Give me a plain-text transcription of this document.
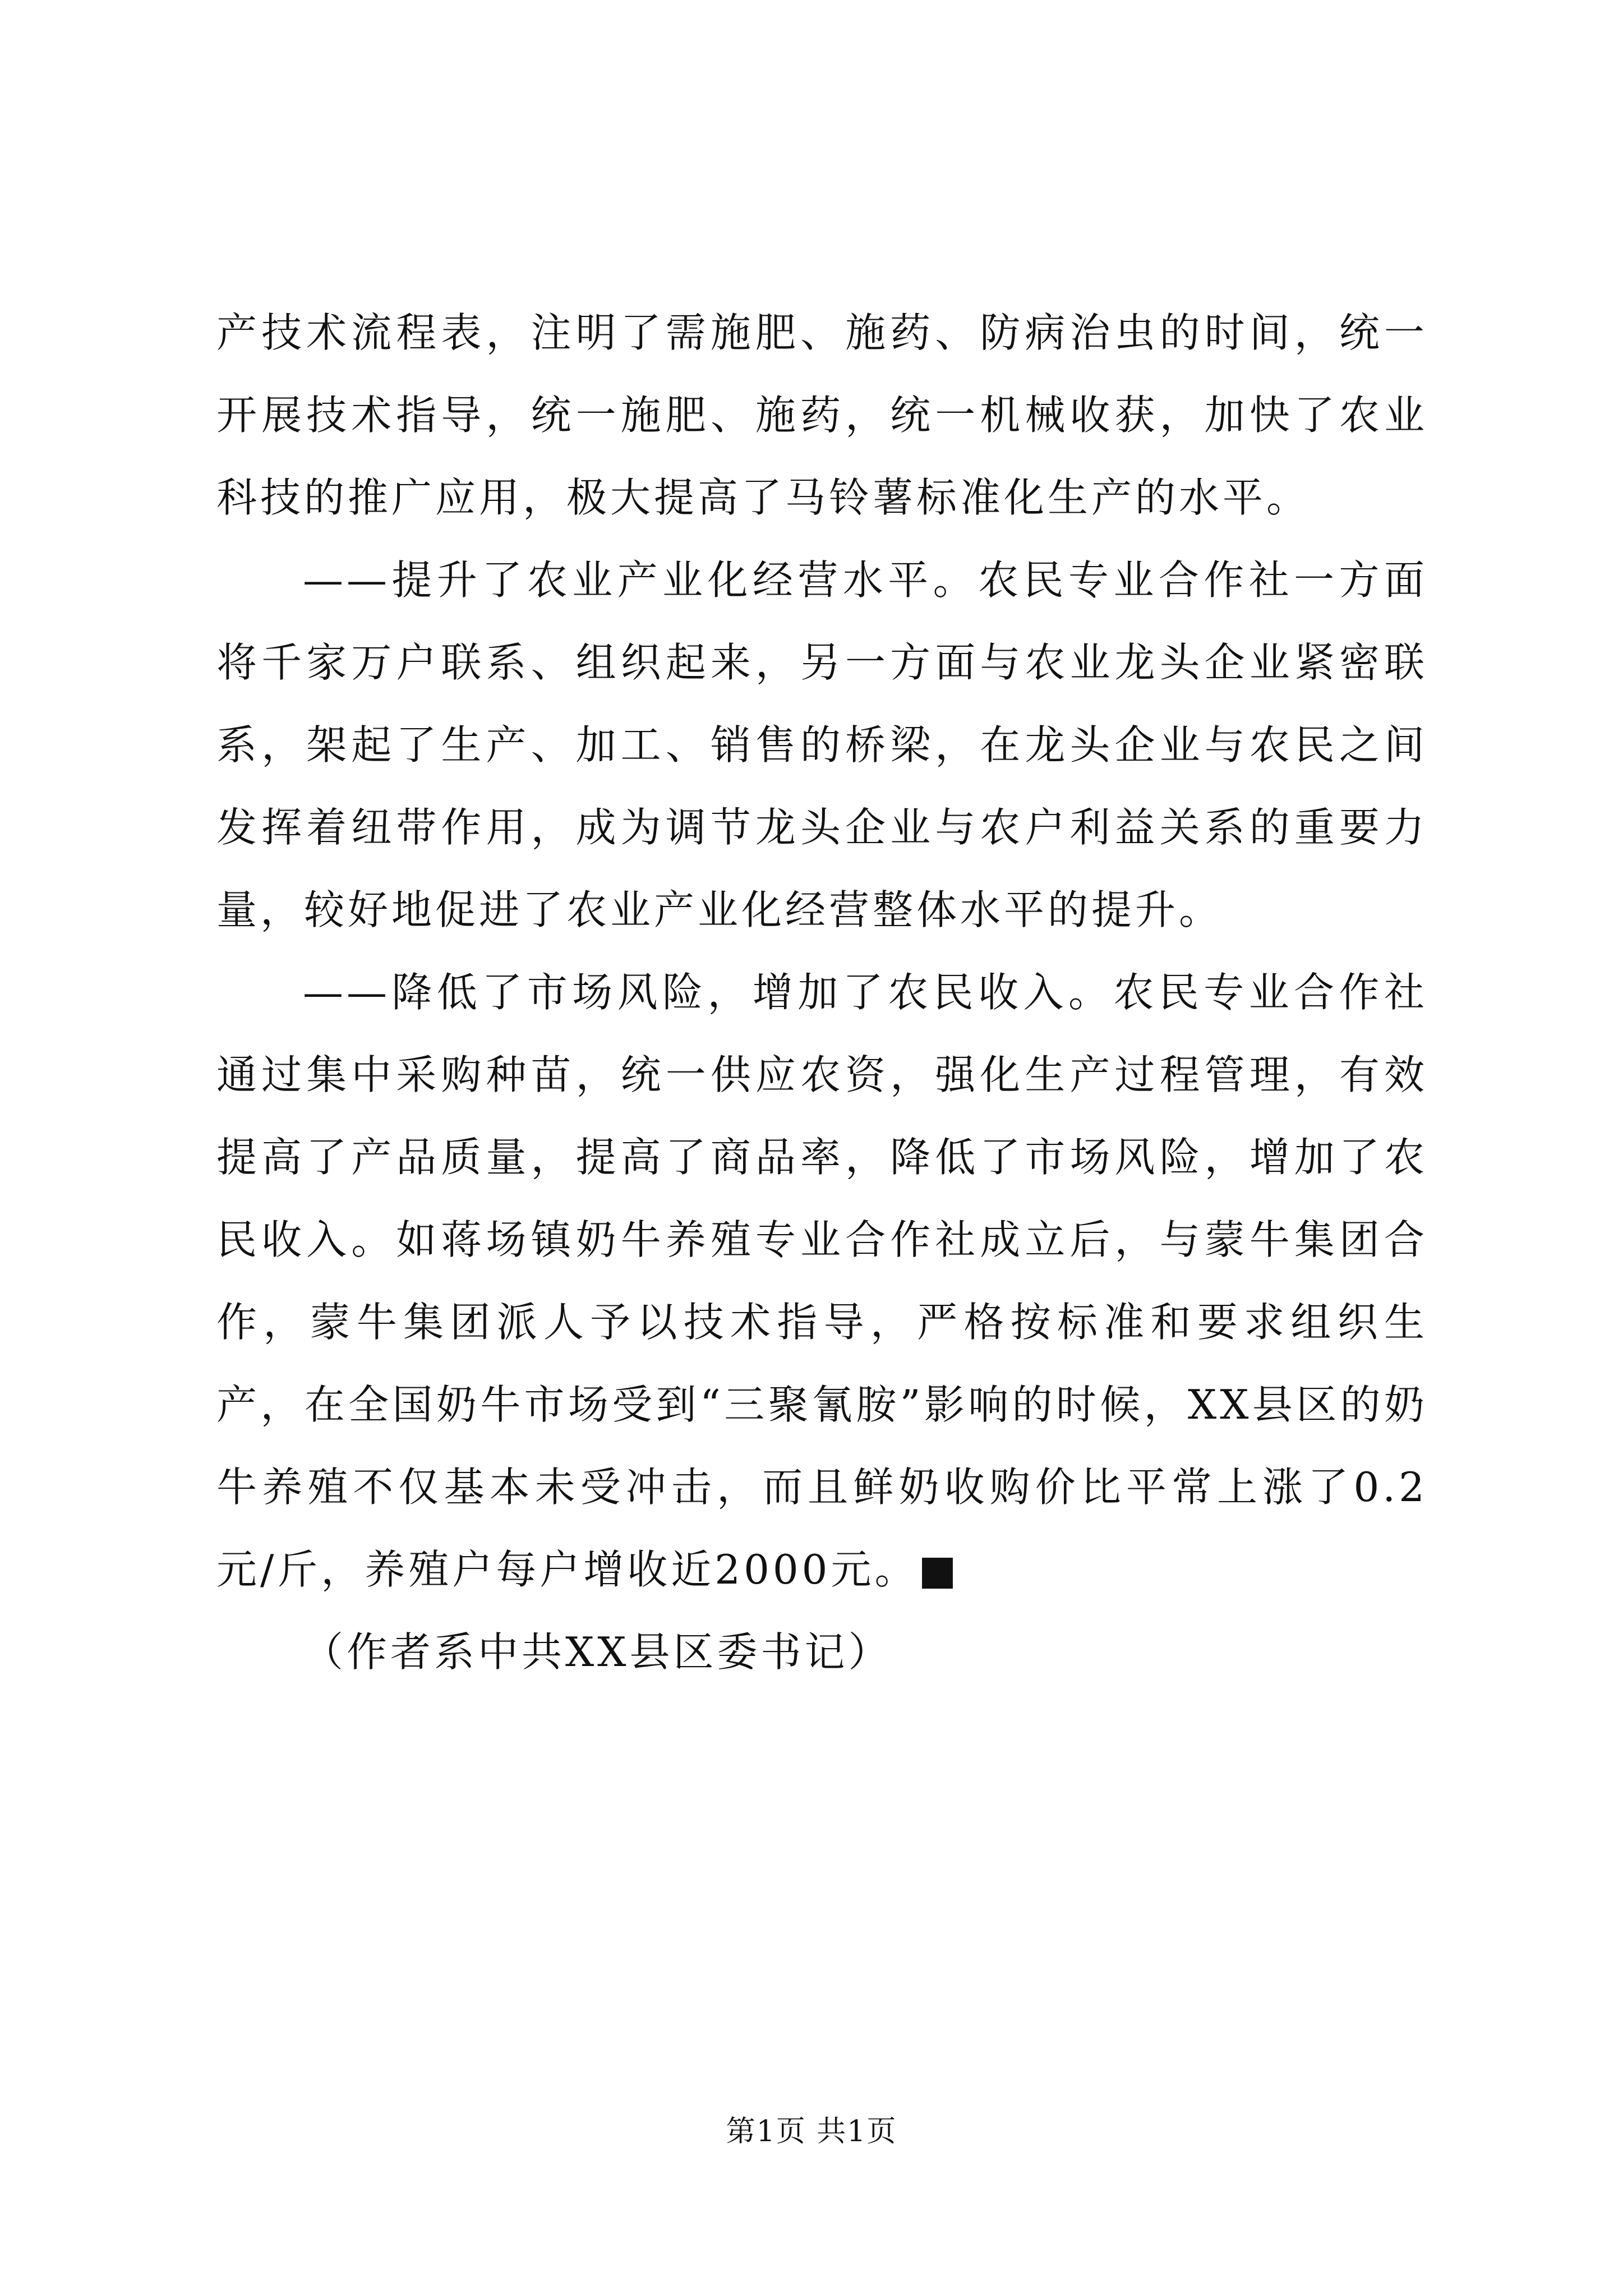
产技术流程表，注明了需施肥、施药、防病治虫的时间，统一开展技术指导，统一施肥、施药，统一机械收获，加快了农业科技的推广应用，极大提高了马铃薯标准化生产的水平。

——提升了农业产业化经营水平。农民专业合作社一方面将千家万户联系、组织起来，另一方面与农业龙头企业紧密联系，架起了生产、加工、销售的桥梁，在龙头企业与农民之间发挥着纽带作用，成为调节龙头企业与农户利益关系的重要力量，较好地促进了农业产业化经营整体水平的提升。

——降低了市场风险，增加了农民收入。农民专业合作社通过集中采购种苗，统一供应农资，强化生产过程管理，有效提高了产品质量，提高了商品率，降低了市场风险，增加了农民收入。如蒋场镇奶牛养殖专业合作社成立后，与蒙牛集团合作，蒙牛集团派人予以技术指导，严格按标准和要求组织生产，在全国奶牛市场受到“三聚氰胺”影响的时候，XX县区的奶牛养殖不仅基本未受冲击，而且鲜奶收购价比平常上涨了0.2元/斤，养殖户每户增收近2000元。■

（作者系中共XX县区委书记）
第1页 共1页
